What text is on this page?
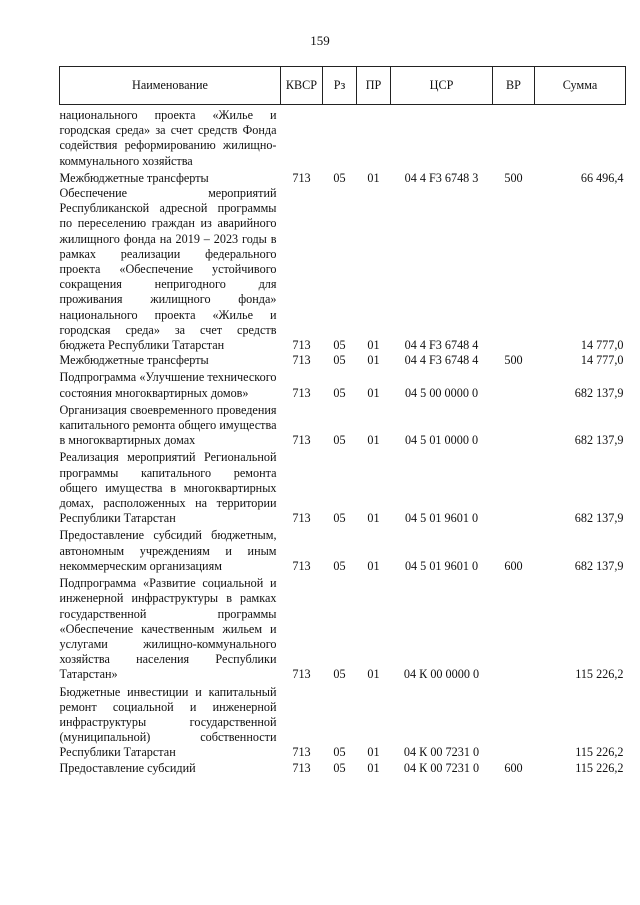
159
Наименование	КВСР	Рз	ПР	ЦСР	ВР	Сумма
национального проекта «Жилье и городская среда» за счет средств Фонда содействия реформированию жилищно-коммунального хозяйства						
Межбюджетные трансферты	713	05	01	04 4 F3 6748 3	500	66 496,4
Обеспечение мероприятий Республиканской адресной программы по переселению граждан из аварийного жилищного фонда на 2019 – 2023 годы в рамках реализации федерального проекта «Обеспечение устойчивого сокращения непригодного для проживания жилищного фонда» национального проекта «Жилье и городская среда» за счет средств бюджета Республики Татарстан	713	05	01	04 4 F3 6748 4		14 777,0
Межбюджетные трансферты	713	05	01	04 4 F3 6748 4	500	14 777,0
Подпрограмма «Улучшение технического состояния многоквартирных домов»	713	05	01	04 5 00 0000 0		682 137,9
Организация своевременного проведения капитального ремонта общего имущества в многоквартирных домах	713	05	01	04 5 01 0000 0		682 137,9
Реализация мероприятий Региональной программы капитального ремонта общего имущества в многоквартирных домах, расположенных на территории Республики Татарстан	713	05	01	04 5 01 9601 0		682 137,9
Предоставление субсидий бюджетным, автономным учреждениям и иным некоммерческим организациям	713	05	01	04 5 01 9601 0	600	682 137,9
Подпрограмма «Развитие социальной и инженерной инфраструктуры в рамках государственной программы «Обеспечение качественным жильем и услугами жилищно-коммунального хозяйства населения Республики Татарстан»	713	05	01	04 К 00 0000 0		115 226,2
Бюджетные инвестиции и капитальный ремонт социальной и инженерной инфраструктуры государственной (муниципальной) собственности Республики Татарстан	713	05	01	04 К 00 7231 0		115 226,2
Предоставление субсидий	713	05	01	04 К 00 7231 0	600	115 226,2
